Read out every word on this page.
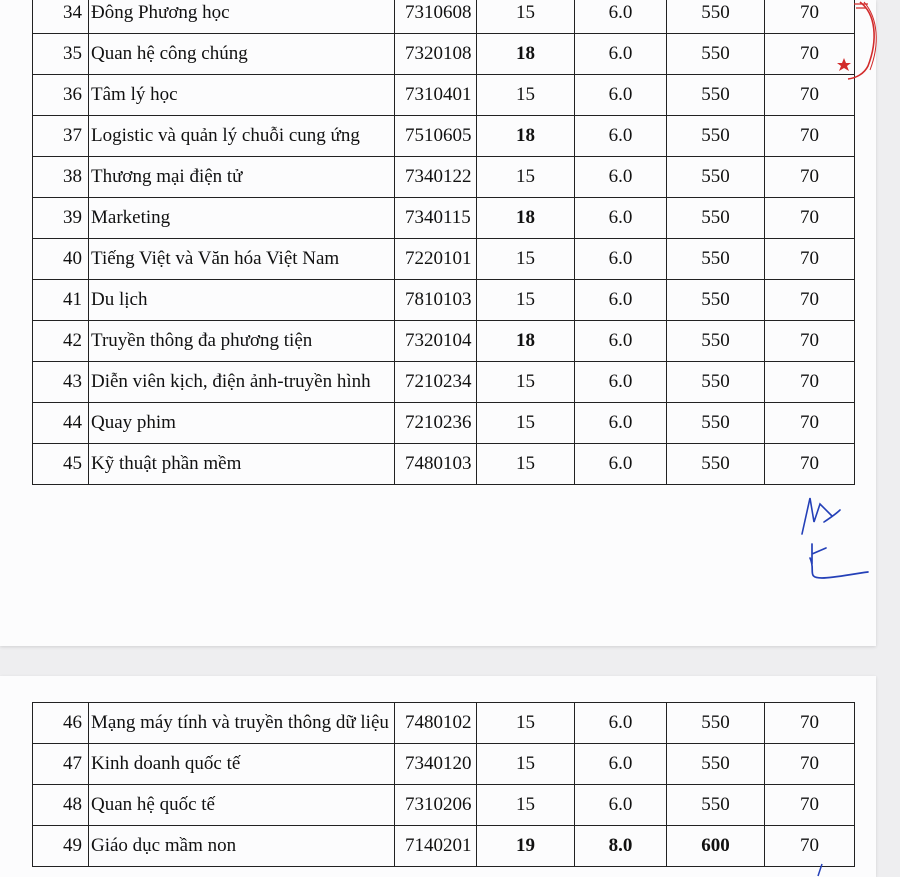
34	Đông Phương học	7310608	15	6.0	550	70
35	Quan hệ công chúng	7320108	18	6.0	550	70
36	Tâm lý học	7310401	15	6.0	550	70
37	Logistic và quản lý chuỗi cung ứng	7510605	18	6.0	550	70
38	Thương mại điện tử	7340122	15	6.0	550	70
39	Marketing	7340115	18	6.0	550	70
40	Tiếng Việt và Văn hóa Việt Nam	7220101	15	6.0	550	70
41	Du lịch	7810103	15	6.0	550	70
42	Truyền thông đa phương tiện	7320104	18	6.0	550	70
43	Diễn viên kịch, điện ảnh-truyền hình	7210234	15	6.0	550	70
44	Quay phim	7210236	15	6.0	550	70
45	Kỹ thuật phần mềm	7480103	15	6.0	550	70
46	Mạng máy tính và truyền thông dữ liệu	7480102	15	6.0	550	70
47	Kinh doanh quốc tế	7340120	15	6.0	550	70
48	Quan hệ quốc tế	7310206	15	6.0	550	70
49	Giáo dục mầm non	7140201	19	8.0	600	70
